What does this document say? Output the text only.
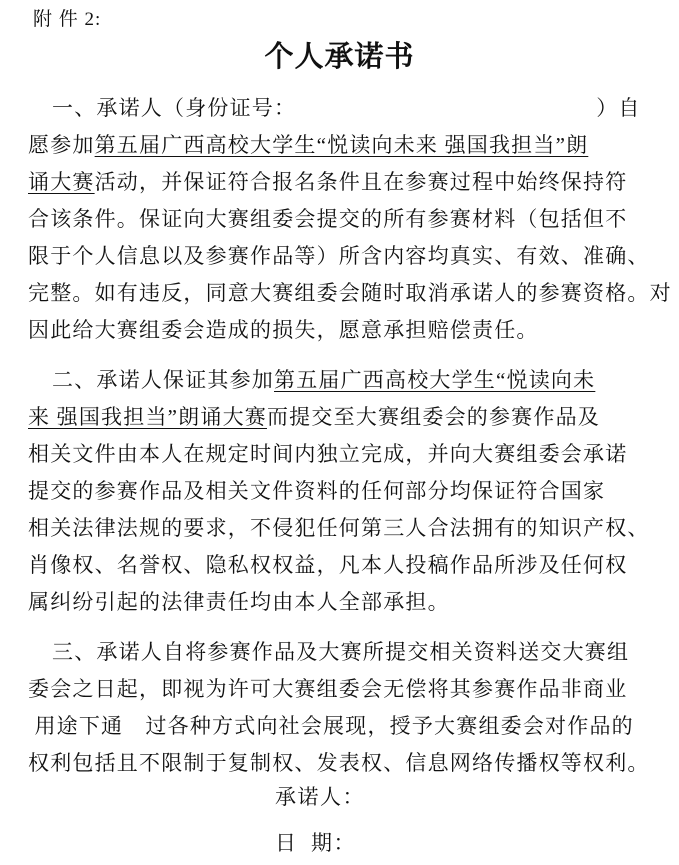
附 件 2:
个人承诺书
一、承诺人（身份证号：	）自
愿参加第五届广西高校大学生“悦读向未来 强国我担当”朗
诵大赛活动，并保证符合报名条件且在参赛过程中始终保持符
合该条件。保证向大赛组委会提交的所有参赛材料（包括但不
限于个人信息以及参赛作品等）所含内容均真实、有效、准确、
完整。如有违反，同意大赛组委会随时取消承诺人的参赛资格。对
因此给大赛组委会造成的损失，愿意承担赔偿责任。
二、承诺人保证其参加第五届广西高校大学生“悦读向未
来 强国我担当”朗诵大赛而提交至大赛组委会的参赛作品及
相关文件由本人在规定时间内独立完成，并向大赛组委会承诺
提交的参赛作品及相关文件资料的任何部分均保证符合国家
相关法律法规的要求，不侵犯任何第三人合法拥有的知识产权、
肖像权、名誉权、隐私权权益，凡本人投稿作品所涉及任何权
属纠纷引起的法律责任均由本人全部承担。
三、承诺人自将参赛作品及大赛所提交相关资料送交大赛组
委会之日起，即视为许可大赛组委会无偿将其参赛作品非商业
用途下通　过各种方式向社会展现，授予大赛组委会对作品的
权利包括且不限制于复制权、发表权、信息网络传播权等权利。
承诺人：
日  期：
